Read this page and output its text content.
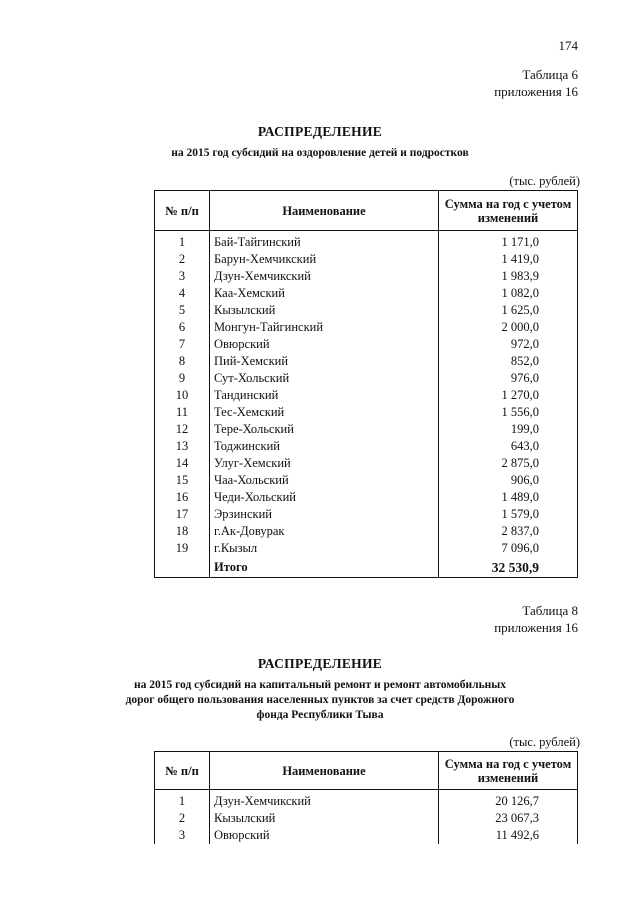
174
Таблица 6
приложения 16
РАСПРЕДЕЛЕНИЕ
на 2015 год субсидий на оздоровление детей и подростков
(тыс. рублей)
№ п/п	Наименование	Сумма на год с учетом изменений
1	Бай-Тайгинский	1 171,0
2	Барун-Хемчикский	1 419,0
3	Дзун-Хемчикский	1 983,9
4	Каа-Хемский	1 082,0
5	Кызылский	1 625,0
6	Монгун-Тайгинский	2 000,0
7	Овюрский	972,0
8	Пий-Хемский	852,0
9	Сут-Хольский	976,0
10	Тандинский	1 270,0
11	Тес-Хемский	1 556,0
12	Тере-Хольский	199,0
13	Тоджинский	643,0
14	Улуг-Хемский	2 875,0
15	Чаа-Хольский	906,0
16	Чеди-Хольский	1 489,0
17	Эрзинский	1 579,0
18	г.Ак-Довурак	2 837,0
19	г.Кызыл	7 096,0
	Итого	32 530,9
Таблица 8
приложения 16
РАСПРЕДЕЛЕНИЕ
на 2015 год субсидий на капитальный ремонт и ремонт автомобильных
дорог общего пользования населенных пунктов за счет средств Дорожного
фонда Республики Тыва
(тыс. рублей)
№ п/п	Наименование	Сумма на год с учетом изменений
1	Дзун-Хемчикский	20 126,7
2	Кызылский	23 067,3
3	Овюрский	11 492,6
